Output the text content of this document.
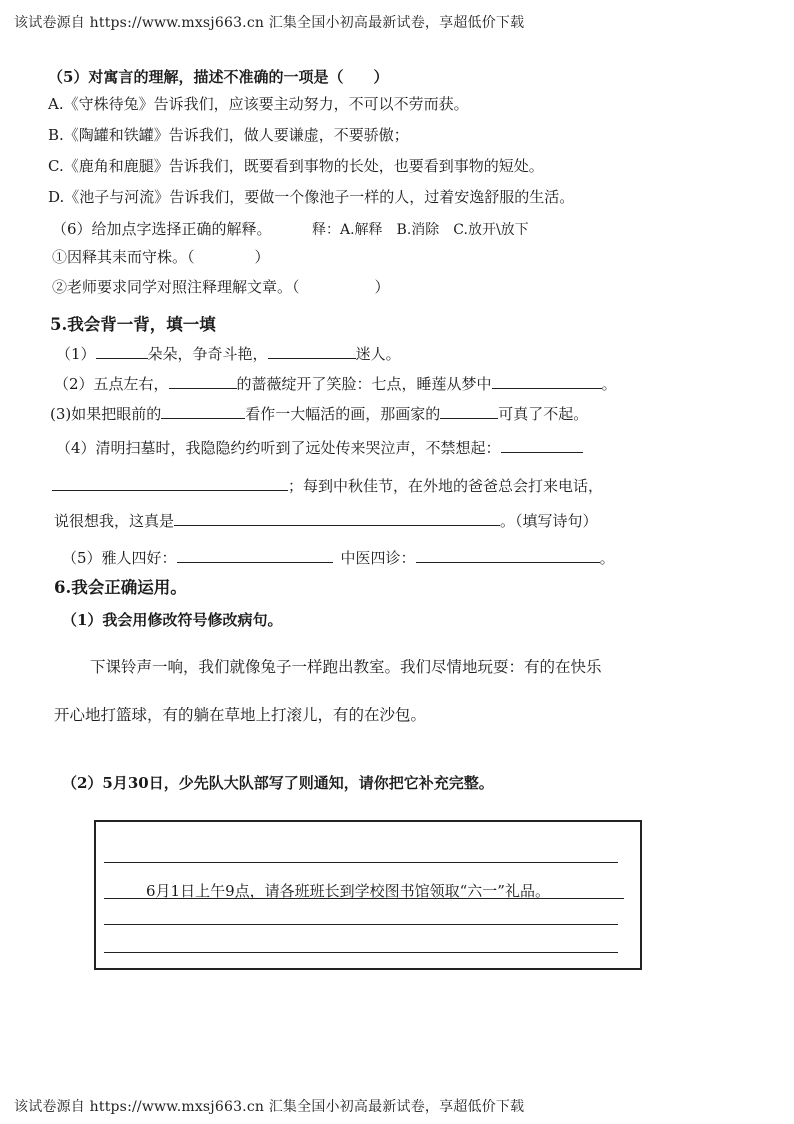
该试卷源自 https://www.mxsj663.cn 汇集全国小初高最新试卷，享超低价下载
（5）对寓言的理解，描述不准确的一项是（　　）
A.《守株待兔》告诉我们，应该要主动努力，不可以不劳而获。
B.《陶罐和铁罐》告诉我们，做人要谦虚，不要骄傲；
C.《鹿角和鹿腿》告诉我们，既要看到事物的长处，也要看到事物的短处。
D.《池子与河流》告诉我们，要做一个像池子一样的人，过着安逸舒服的生活。
（6）给加点字选择正确的解释。	释：A.解释　B.消除　C.放开\放下
①因释其耒而守株。（　　　　）
②老师要求同学对照注释理解文章。（　　　　　）
5.我会背一背，填一填
（1）	朵朵，争奇斗艳，	迷人。
（2）五点左右，	的蔷薇绽开了笑脸：七点，睡莲从梦中	。
(3)如果把眼前的	看作一大幅活的画，那画家的	可真了不起。
（4）清明扫墓时，我隐隐约约听到了远处传来哭泣声，不禁想起：
；每到中秋佳节，在外地的爸爸总会打来电话，
说很想我，这真是	。（填写诗句）
（5）雅人四好：	中医四诊：	。
6.我会正确运用。
（1）我会用修改符号修改病句。
下课铃声一响，我们就像兔子一样跑出教室。我们尽情地玩耍：有的在快乐
开心地打篮球，有的躺在草地上打滚儿，有的在沙包。
（2）5月30日，少先队大队部写了则通知，请你把它补充完整。
6月1日上午9点，请各班班长到学校图书馆领取“六一”礼品。
该试卷源自 https://www.mxsj663.cn 汇集全国小初高最新试卷，享超低价下载
